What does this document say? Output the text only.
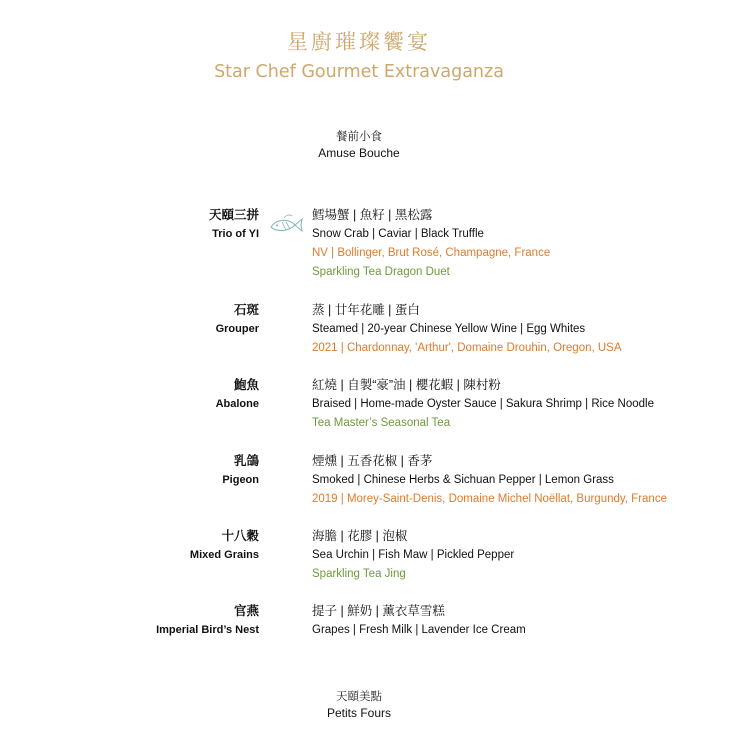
星廚璀璨饗宴
Star Chef Gourmet Extravaganza
餐前小食
Amuse Bouche
天頤三拼
Trio of YI
鱈場蟹 | 魚籽 | 黑松露
Snow Crab | Caviar | Black Truffle
NV | Bollinger, Brut Rosé, Champagne, France
Sparkling Tea Dragon Duet
石斑
Grouper
蒸 | 廿年花雕 | 蛋白
Steamed | 20-year Chinese Yellow Wine | Egg Whites
2021 | Chardonnay, 'Arthur', Domaine Drouhin, Oregon, USA
鮑魚
Abalone
紅燒 | 自製“豪”油 | 櫻花蝦 | 陳村粉
Braised | Home-made Oyster Sauce | Sakura Shrimp | Rice Noodle
Tea Master’s Seasonal Tea
乳鴿
Pigeon
煙燻 | 五香花椒 | 香茅
Smoked | Chinese Herbs & Sichuan Pepper | Lemon Grass
2019 | Morey-Saint-Denis, Domaine Michel Noëllat, Burgundy, France
十八穀
Mixed Grains
海膽 | 花膠 | 泡椒
Sea Urchin | Fish Maw | Pickled Pepper
Sparkling Tea Jing
官燕
Imperial Bird’s Nest
提子 | 鮮奶 | 薰衣草雪糕
Grapes | Fresh Milk | Lavender Ice Cream
天頤美點
Petits Fours
